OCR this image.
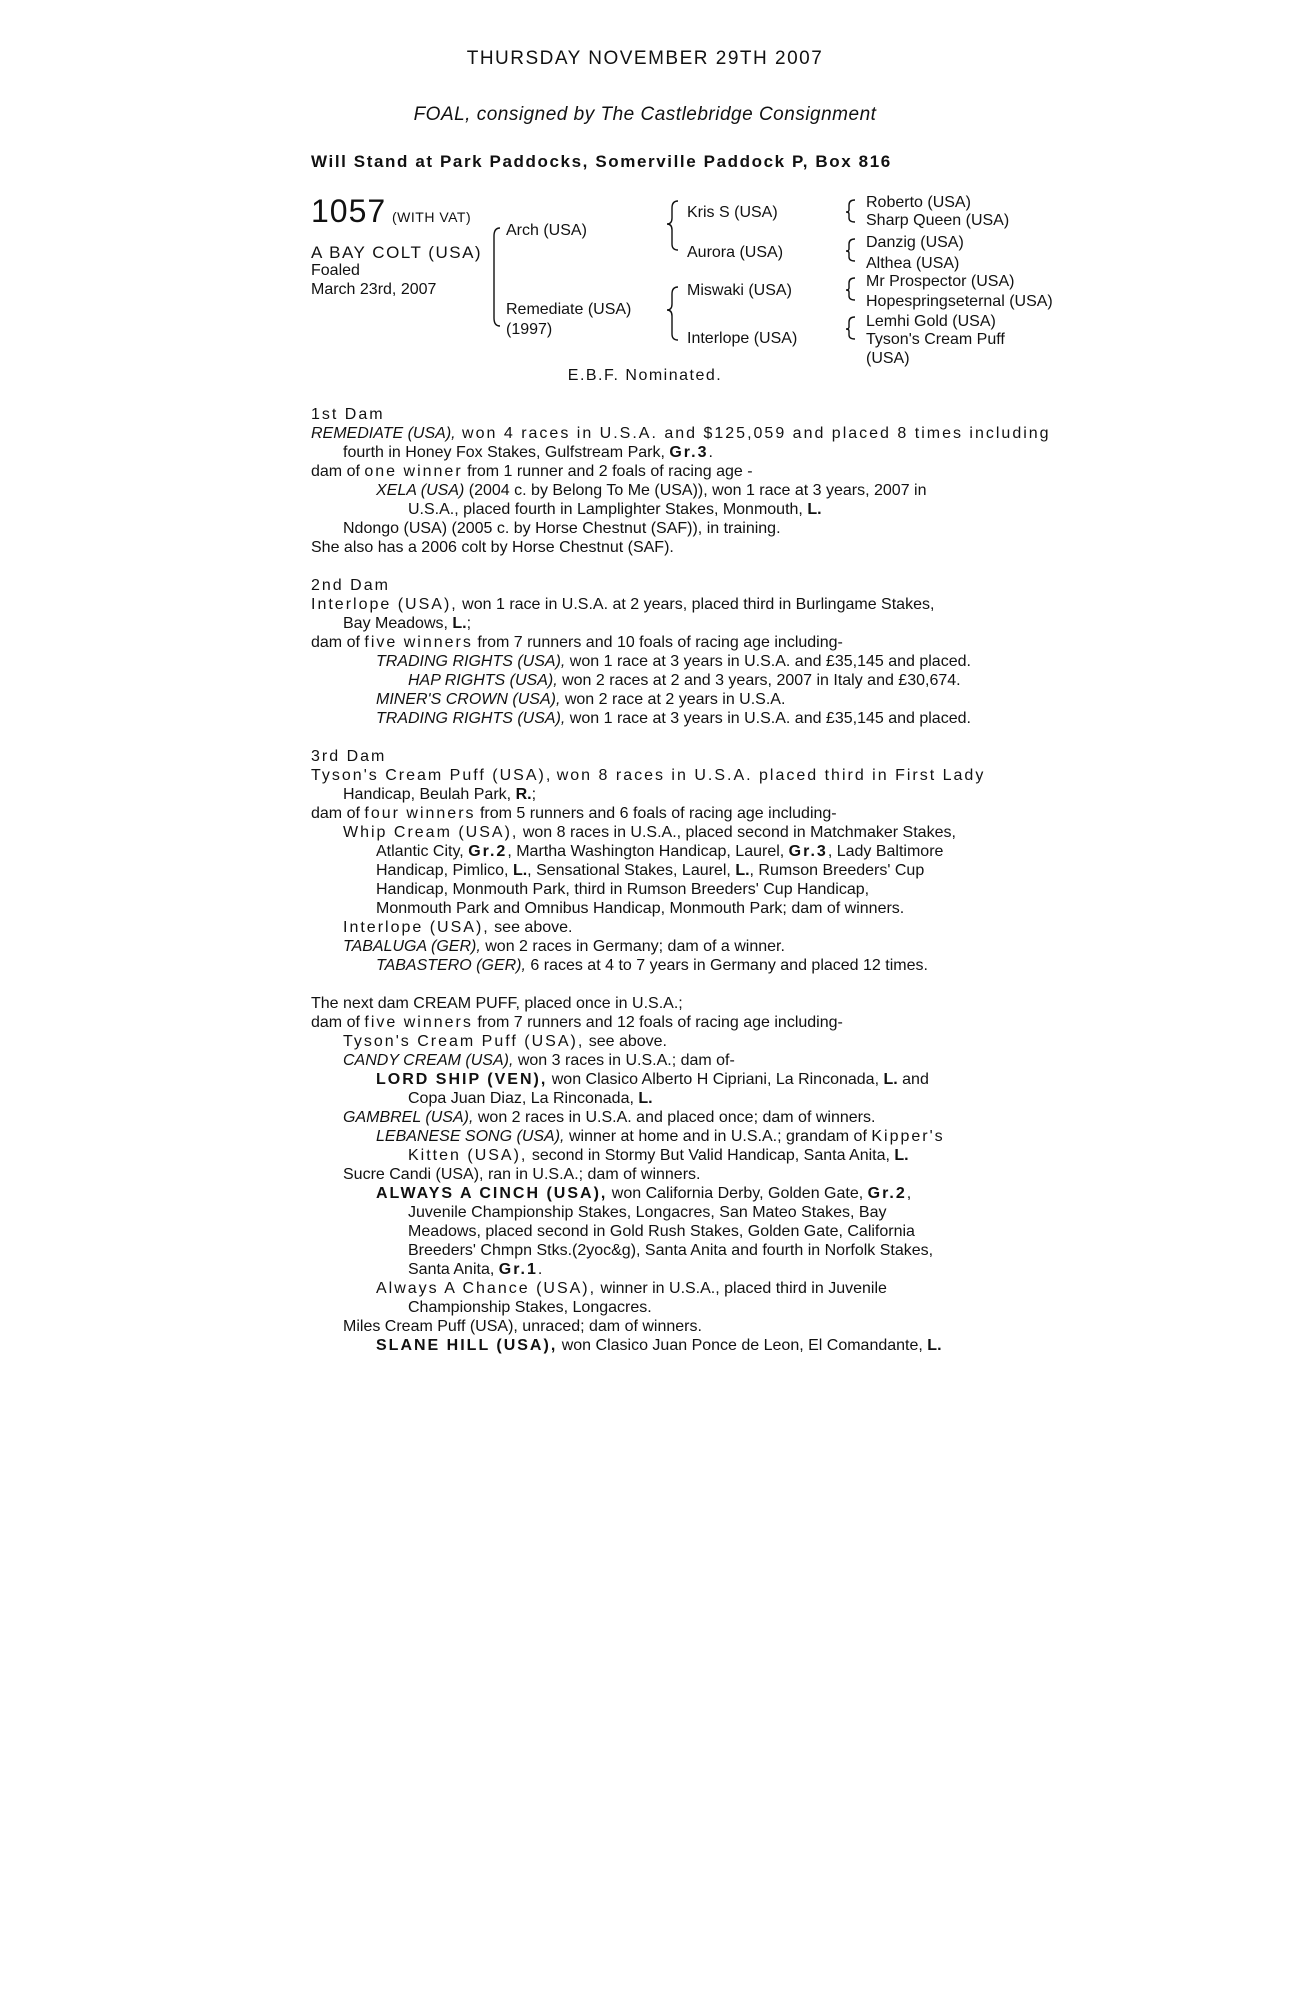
THURSDAY NOVEMBER 29TH 2007
FOAL, consigned by The Castlebridge Consignment
Will Stand at Park Paddocks, Somerville Paddock P, Box 816
1057 (WITH VAT)
A BAY COLT (USA)
Foaled
March 23rd, 2007
Arch (USA)
Remediate (USA)
(1997)
Kris S (USA)
Aurora (USA)
Miswaki (USA)
Interlope (USA)
Roberto (USA)
Sharp Queen (USA)
Danzig (USA)
Althea (USA)
Mr Prospector (USA)
Hopespringseternal (USA)
Lemhi Gold (USA)
Tyson's Cream Puff
(USA)
E.B.F. Nominated.
1st Dam
REMEDIATE (USA), won 4 races in U.S.A. and $125,059 and placed 8 times including
fourth in Honey Fox Stakes, Gulfstream Park, Gr.3.
dam of one winner from 1 runner and 2 foals of racing age -
XELA (USA) (2004 c. by Belong To Me (USA)), won 1 race at 3 years, 2007 in
U.S.A., placed fourth in Lamplighter Stakes, Monmouth, L.
Ndongo (USA) (2005 c. by Horse Chestnut (SAF)), in training.
She also has a 2006 colt by Horse Chestnut (SAF).
2nd Dam
Interlope (USA), won 1 race in U.S.A. at 2 years, placed third in Burlingame Stakes,
Bay Meadows, L.;
dam of five winners from 7 runners and 10 foals of racing age including-
TRADING RIGHTS (USA), won 1 race at 3 years in U.S.A. and £35,145 and placed.
HAP RIGHTS (USA), won 2 races at 2 and 3 years, 2007 in Italy and £30,674.
MINER'S CROWN (USA), won 2 race at 2 years in U.S.A.
TRADING RIGHTS (USA), won 1 race at 3 years in U.S.A. and £35,145 and placed.
3rd Dam
Tyson's Cream Puff (USA), won 8 races in U.S.A. placed third in First Lady
Handicap, Beulah Park, R.;
dam of four winners from 5 runners and 6 foals of racing age including-
Whip Cream (USA), won 8 races in U.S.A., placed second in Matchmaker Stakes,
Atlantic City, Gr.2, Martha Washington Handicap, Laurel, Gr.3, Lady Baltimore
Handicap, Pimlico, L., Sensational Stakes, Laurel, L., Rumson Breeders' Cup
Handicap, Monmouth Park, third in Rumson Breeders' Cup Handicap,
Monmouth Park and Omnibus Handicap, Monmouth Park; dam of winners.
Interlope (USA), see above.
TABALUGA (GER), won 2 races in Germany; dam of a winner.
TABASTERO (GER), 6 races at 4 to 7 years in Germany and placed 12 times.
The next dam CREAM PUFF, placed once in U.S.A.;
dam of five winners from 7 runners and 12 foals of racing age including-
Tyson's Cream Puff (USA), see above.
CANDY CREAM (USA), won 3 races in U.S.A.; dam of-
LORD SHIP (VEN), won Clasico Alberto H Cipriani, La Rinconada, L. and
Copa Juan Diaz, La Rinconada, L.
GAMBREL (USA), won 2 races in U.S.A. and placed once; dam of winners.
LEBANESE SONG (USA), winner at home and in U.S.A.; grandam of Kipper's
Kitten (USA), second in Stormy But Valid Handicap, Santa Anita, L.
Sucre Candi (USA), ran in U.S.A.; dam of winners.
ALWAYS A CINCH (USA), won California Derby, Golden Gate, Gr.2,
Juvenile Championship Stakes, Longacres, San Mateo Stakes, Bay
Meadows, placed second in Gold Rush Stakes, Golden Gate, California
Breeders' Chmpn Stks.(2yoc&g), Santa Anita and fourth in Norfolk Stakes,
Santa Anita, Gr.1.
Always A Chance (USA), winner in U.S.A., placed third in Juvenile
Championship Stakes, Longacres.
Miles Cream Puff (USA), unraced; dam of winners.
SLANE HILL (USA), won Clasico Juan Ponce de Leon, El Comandante, L.
